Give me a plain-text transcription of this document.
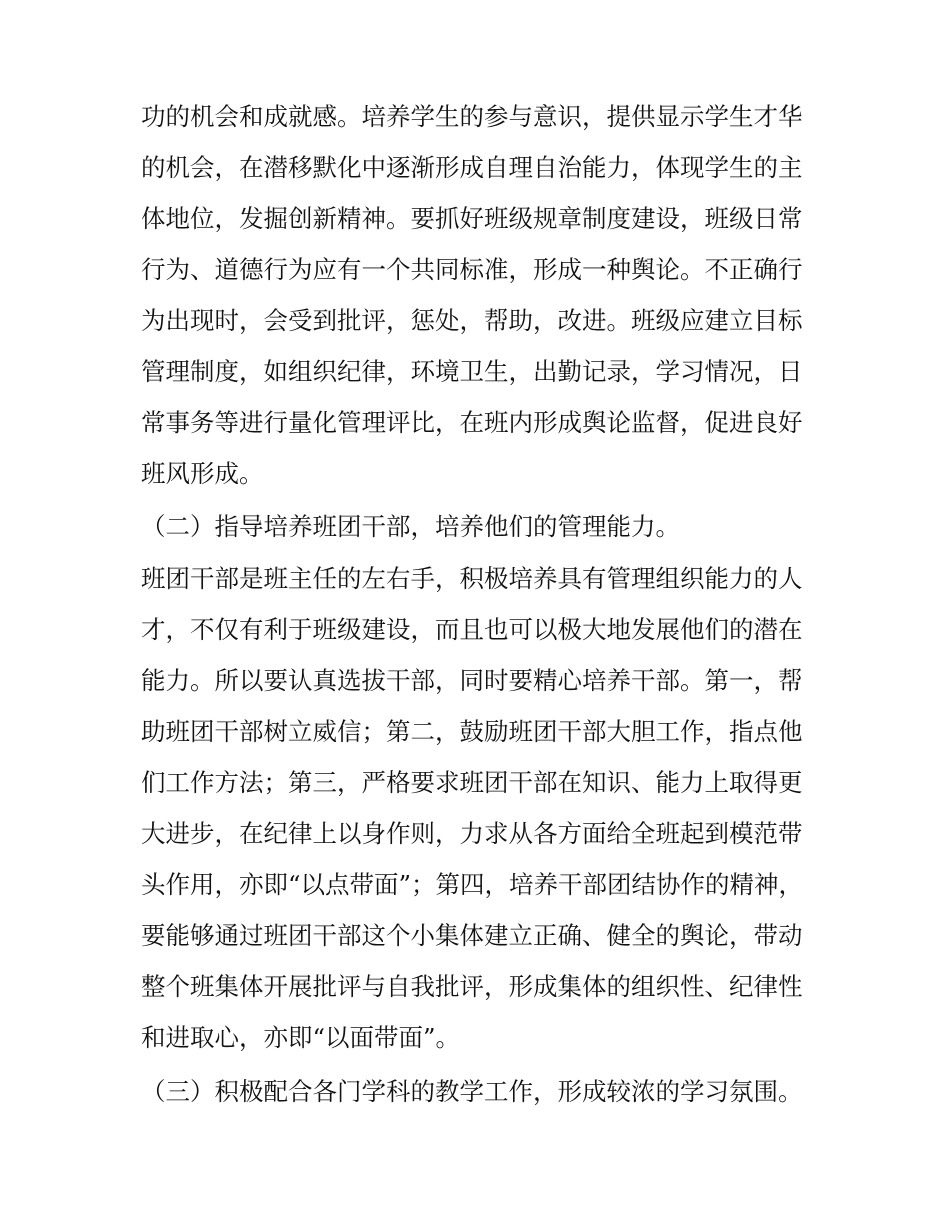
功的机会和成就感。培养学生的参与意识，提供显示学生才华
的机会，在潜移默化中逐渐形成自理自治能力，体现学生的主
体地位，发掘创新精神。要抓好班级规章制度建设，班级日常
行为、道德行为应有一个共同标准，形成一种舆论。不正确行
为出现时，会受到批评，惩处，帮助，改进。班级应建立目标
管理制度，如组织纪律，环境卫生，出勤记录，学习情况，日
常事务等进行量化管理评比，在班内形成舆论监督，促进良好
班风形成。
（二）指导培养班团干部，培养他们的管理能力。
班团干部是班主任的左右手，积极培养具有管理组织能力的人
才，不仅有利于班级建设，而且也可以极大地发展他们的潜在
能力。所以要认真选拔干部，同时要精心培养干部。第一，帮
助班团干部树立威信；第二，鼓励班团干部大胆工作，指点他
们工作方法；第三，严格要求班团干部在知识、能力上取得更
大进步，在纪律上以身作则，力求从各方面给全班起到模范带
头作用，亦即“以点带面”；第四，培养干部团结协作的精神，
要能够通过班团干部这个小集体建立正确、健全的舆论，带动
整个班集体开展批评与自我批评，形成集体的组织性、纪律性
和进取心，亦即“以面带面”。
（三）积极配合各门学科的教学工作，形成较浓的学习氛围。
